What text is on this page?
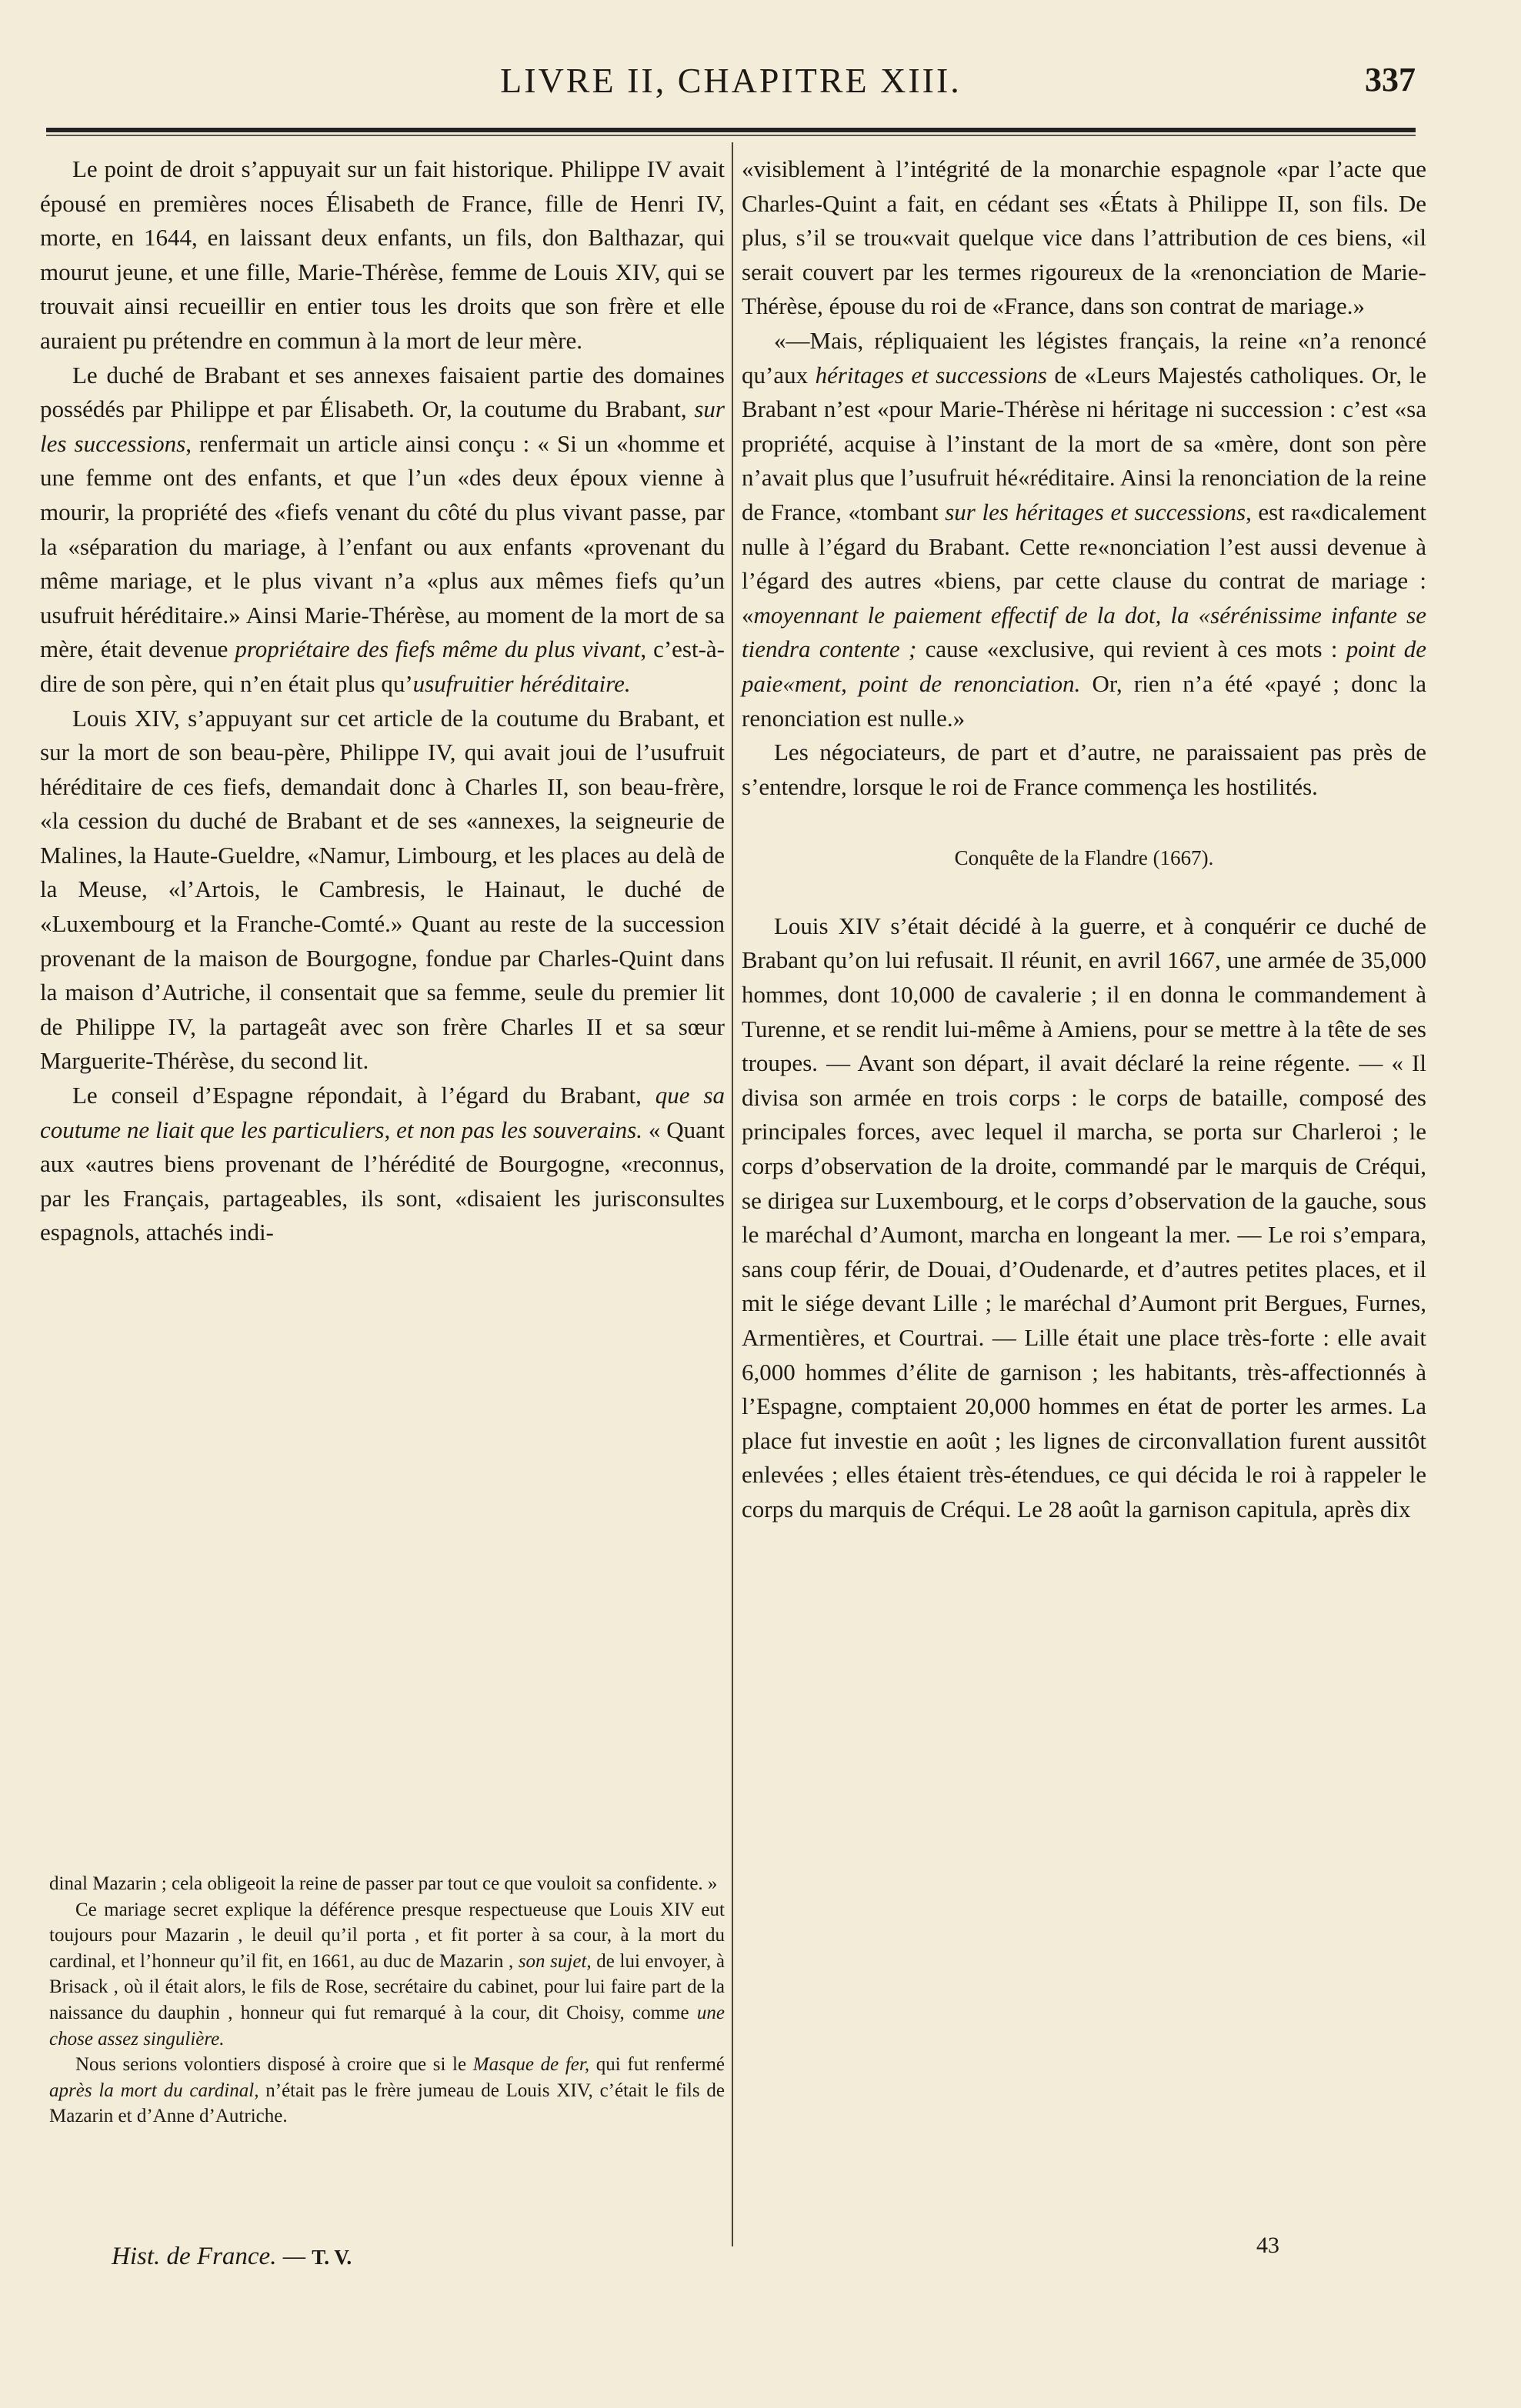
LIVRE II, CHAPITRE XIII.	337

Le point de droit s’appuyait sur un fait historique. Philippe IV avait épousé en premières noces Élisabeth de France, fille de Henri IV, morte, en 1644, en laissant deux enfants, un fils, don Balthazar, qui mourut jeune, et une fille, Marie-Thérèse, femme de Louis XIV, qui se trouvait ainsi recueillir en entier tous les droits que son frère et elle auraient pu prétendre en commun à la mort de leur mère.

Le duché de Brabant et ses annexes faisaient partie des domaines possédés par Philippe et par Élisabeth. Or, la coutume du Brabant, sur les successions, renfermait un article ainsi conçu : « Si un «homme et une femme ont des enfants, et que l’un «des deux époux vienne à mourir, la propriété des «fiefs venant du côté du plus vivant passe, par la «séparation du mariage, à l’enfant ou aux enfants «provenant du même mariage, et le plus vivant n’a «plus aux mêmes fiefs qu’un usufruit héréditaire.» Ainsi Marie-Thérèse, au moment de la mort de sa mère, était devenue propriétaire des fiefs même du plus vivant, c’est-à-dire de son père, qui n’en était plus qu’usufruitier héréditaire.

Louis XIV, s’appuyant sur cet article de la coutume du Brabant, et sur la mort de son beau-père, Philippe IV, qui avait joui de l’usufruit héréditaire de ces fiefs, demandait donc à Charles II, son beau-frère, «la cession du duché de Brabant et de ses «annexes, la seigneurie de Malines, la Haute-Gueldre, «Namur, Limbourg, et les places au delà de la Meuse, «l’Artois, le Cambresis, le Hainaut, le duché de «Luxembourg et la Franche-Comté.» Quant au reste de la succession provenant de la maison de Bourgogne, fondue par Charles-Quint dans la maison d’Autriche, il consentait que sa femme, seule du premier lit de Philippe IV, la partageât avec son frère Charles II et sa sœur Marguerite-Thérèse, du second lit.

Le conseil d’Espagne répondait, à l’égard du Brabant, que sa coutume ne liait que les particuliers, et non pas les souverains. « Quant aux «autres biens provenant de l’hérédité de Bourgogne, «reconnus, par les Français, partageables, ils sont, «disaient les jurisconsultes espagnols, attachés indi-

dinal Mazarin ; cela obligeoit la reine de passer par tout ce que vouloit sa confidente. »

Ce mariage secret explique la déférence presque respectueuse que Louis XIV eut toujours pour Mazarin , le deuil qu’il porta , et fit porter à sa cour, à la mort du cardinal, et l’honneur qu’il fit, en 1661, au duc de Mazarin , son sujet, de lui envoyer, à Brisack , où il était alors, le fils de Rose, secrétaire du cabinet, pour lui faire part de la naissance du dauphin , honneur qui fut remarqué à la cour, dit Choisy, comme une chose assez singulière.

Nous serions volontiers disposé à croire que si le Masque de fer, qui fut renfermé après la mort du cardinal, n’était pas le frère jumeau de Louis XIV, c’était le fils de Mazarin et d’Anne d’Autriche.

Hist. de France. — T. V.

«visiblement à l’intégrité de la monarchie espagnole «par l’acte que Charles-Quint a fait, en cédant ses «États à Philippe II, son fils. De plus, s’il se trou«vait quelque vice dans l’attribution de ces biens, «il serait couvert par les termes rigoureux de la «renonciation de Marie-Thérèse, épouse du roi de «France, dans son contrat de mariage.»

«—Mais, répliquaient les légistes français, la reine «n’a renoncé qu’aux héritages et successions de «Leurs Majestés catholiques. Or, le Brabant n’est «pour Marie-Thérèse ni héritage ni succession : c’est «sa propriété, acquise à l’instant de la mort de sa «mère, dont son père n’avait plus que l’usufruit hé«réditaire. Ainsi la renonciation de la reine de France, «tombant sur les héritages et successions, est ra«dicalement nulle à l’égard du Brabant. Cette re«nonciation l’est aussi devenue à l’égard des autres «biens, par cette clause du contrat de mariage : «moyennant le paiement effectif de la dot, la «sérénissime infante se tiendra contente ; cause «exclusive, qui revient à ces mots : point de paie«ment, point de renonciation. Or, rien n’a été «payé ; donc la renonciation est nulle.»

Les négociateurs, de part et d’autre, ne paraissaient pas près de s’entendre, lorsque le roi de France commença les hostilités.

Conquête de la Flandre (1667).

Louis XIV s’était décidé à la guerre, et à conquérir ce duché de Brabant qu’on lui refusait. Il réunit, en avril 1667, une armée de 35,000 hommes, dont 10,000 de cavalerie ; il en donna le commandement à Turenne, et se rendit lui-même à Amiens, pour se mettre à la tête de ses troupes. — Avant son départ, il avait déclaré la reine régente. — « Il divisa son armée en trois corps : le corps de bataille, composé des principales forces, avec lequel il marcha, se porta sur Charleroi ; le corps d’observation de la droite, commandé par le marquis de Créqui, se dirigea sur Luxembourg, et le corps d’observation de la gauche, sous le maréchal d’Aumont, marcha en longeant la mer. — Le roi s’empara, sans coup férir, de Douai, d’Oudenarde, et d’autres petites places, et il mit le siége devant Lille ; le maréchal d’Aumont prit Bergues, Furnes, Armentières, et Courtrai. — Lille était une place très-forte : elle avait 6,000 hommes d’élite de garnison ; les habitants, très-affectionnés à l’Espagne, comptaient 20,000 hommes en état de porter les armes. La place fut investie en août ; les lignes de circonvallation furent aussitôt enlevées ; elles étaient très-étendues, ce qui décida le roi à rappeler le corps du marquis de Créqui. Le 28 août la garnison capitula, après dix

43
